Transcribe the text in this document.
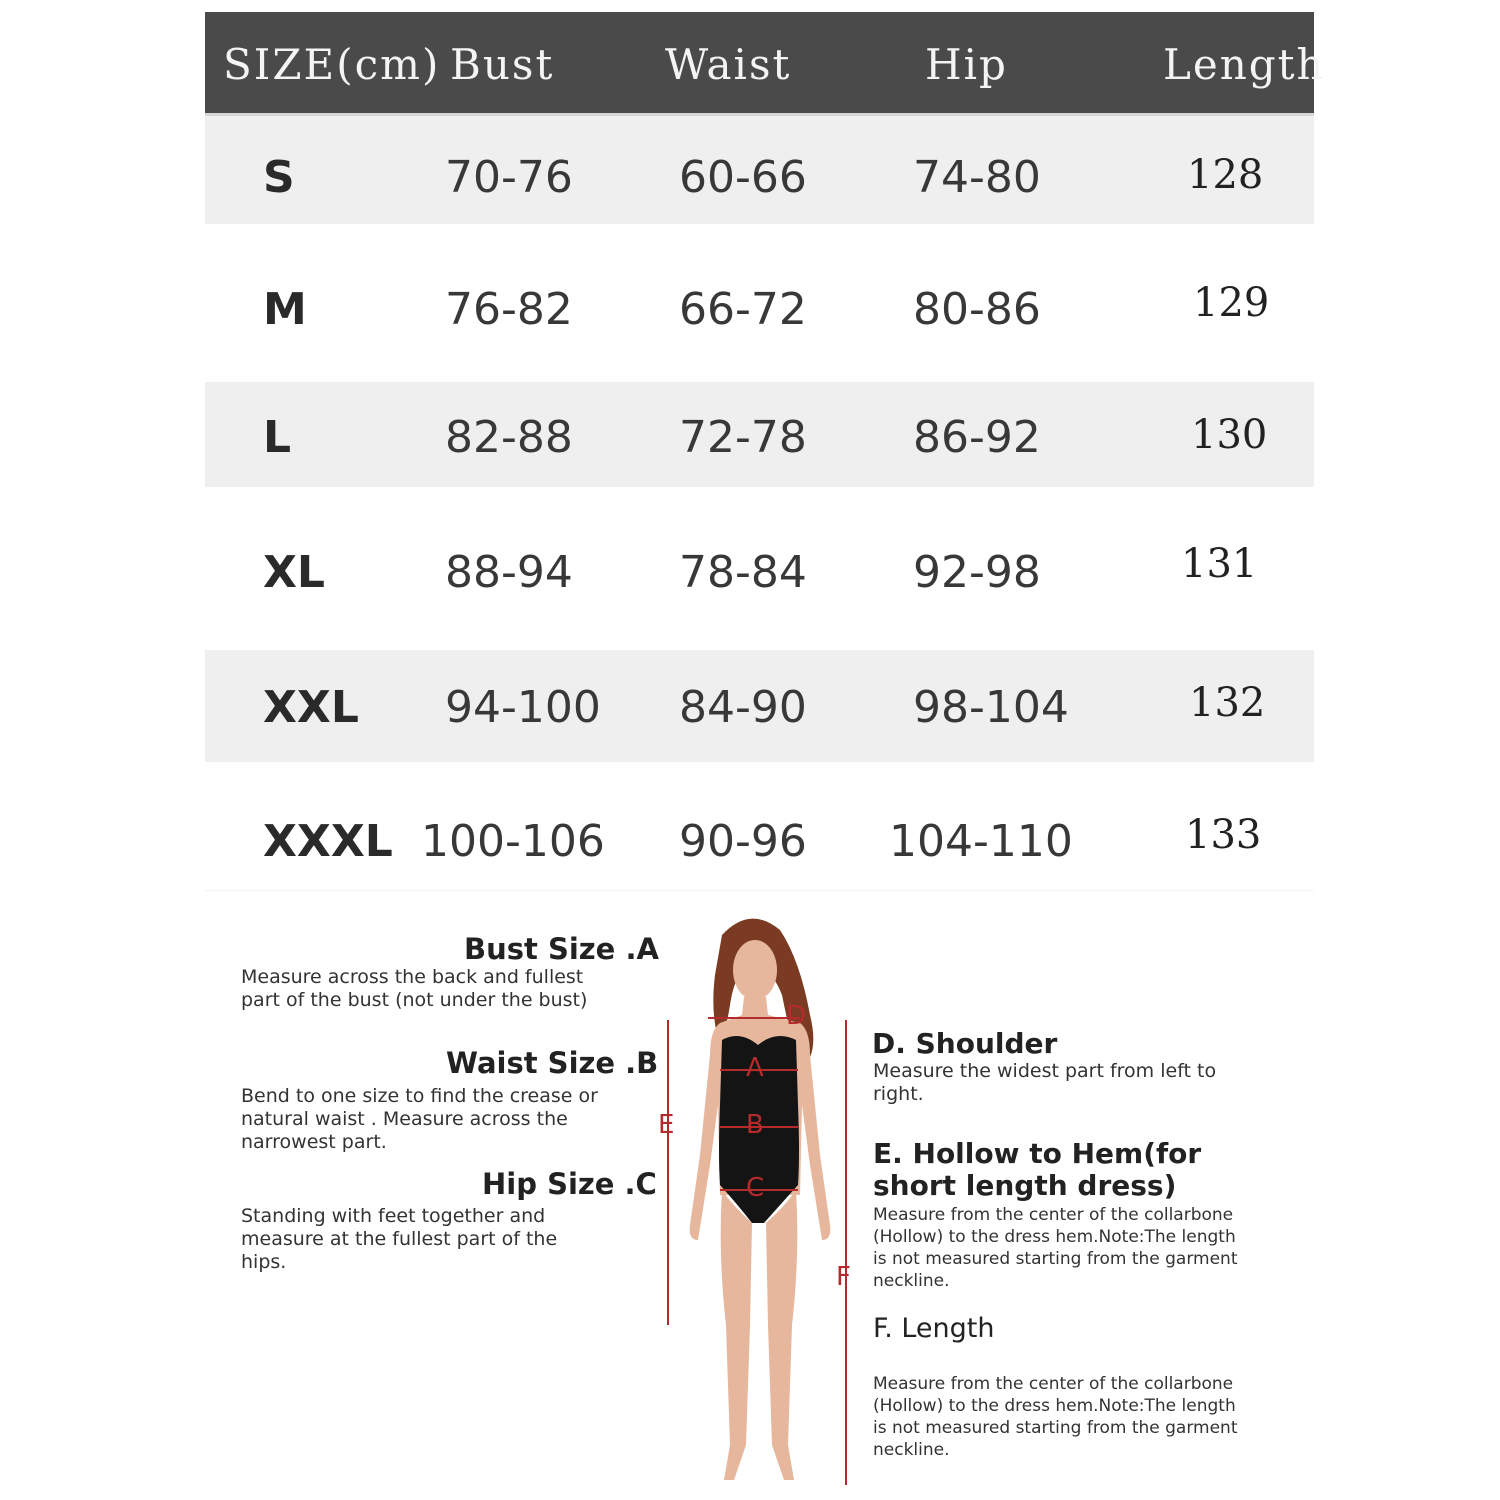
SIZE(cm) Bust	Waist	Hip	Length
S	70-76 60-66 74-80	128
M	76-82 66-72 80-86	129
L	82-88 72-78 86-92	130
XL	88-94 78-84 92-98	131
XXL 94-100 84-90 98-104	132
XXXL 100-106 90-96 104-110	133
Bust Size .A
Measure across the back and fullest
part of the bust (not under the bust)
Waist Size .B
Bend to one size to find the crease or
natural waist . Measure across the
narrowest part.
Hip Size .C
Standing with feet together and
measure at the fullest part of the
hips.
D
A
B
C
E
F
D. Shoulder
Measure the widest part from left to
right.
E. Hollow to Hem(for
short length dress)
Measure from the center of the collarbone
(Hollow) to the dress hem.Note:The length
is not measured starting from the garment
neckline.
F. Length
Measure from the center of the collarbone
(Hollow) to the dress hem.Note:The length
is not measured starting from the garment
neckline.
